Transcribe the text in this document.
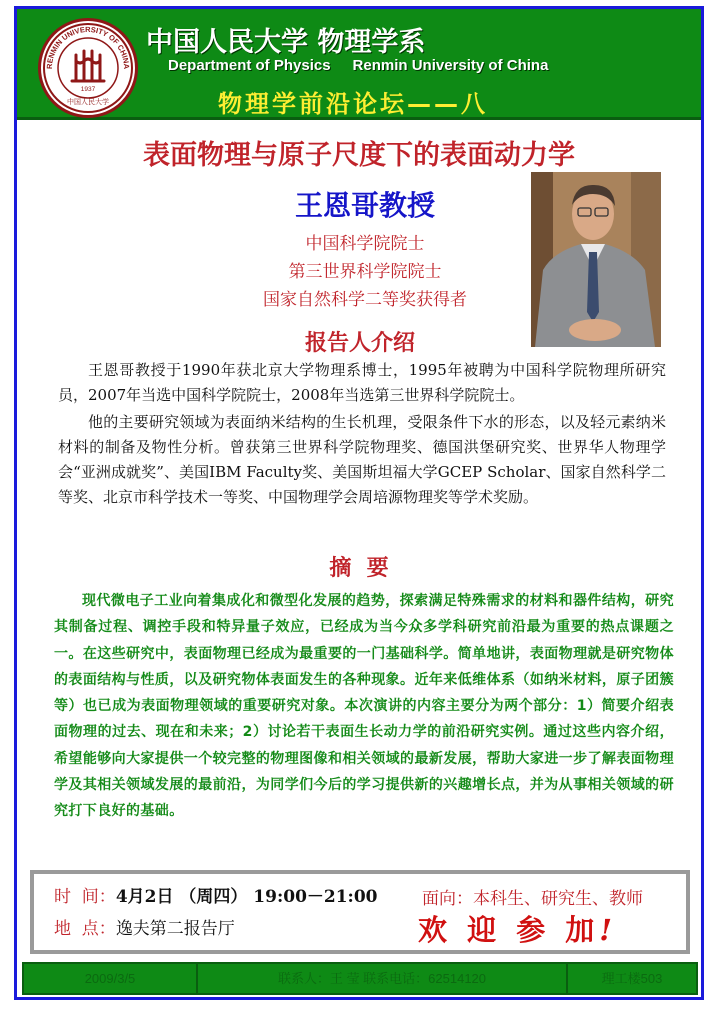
RENMIN UNIVERSITY OF CHINA
1937
中国人民大学
中国人民大学 物理学系
Department of Physics Renmin University of China
物理学前沿论坛——八
表面物理与原子尺度下的表面动力学
王恩哥教授
中国科学院院士
第三世界科学院院士
国家自然科学二等奖获得者
报告人介绍
王恩哥教授于1990年获北京大学物理系博士，1995年被聘为中国科学院物理所研究员，2007年当选中国科学院院士，2008年当选第三世界科学院院士。
他的主要研究领域为表面纳米结构的生长机理，受限条件下水的形态，以及轻元素纳米材料的制备及物性分析。曾获第三世界科学院物理奖、德国洪堡研究奖、世界华人物理学会“亚洲成就奖”、美国IBM Faculty奖、美国斯坦福大学GCEP Scholar、国家自然科学二等奖、北京市科学技术一等奖、中国物理学会周培源物理奖等学术奖励。
摘  要
现代微电子工业向着集成化和微型化发展的趋势，探索满足特殊需求的材料和器件结构，研究其制备过程、调控手段和特异量子效应，已经成为当今众多学科研究前沿最为重要的热点课题之一。在这些研究中，表面物理已经成为最重要的一门基础科学。简单地讲，表面物理就是研究物体的表面结构与性质，以及研究物体表面发生的各种现象。近年来低维体系（如纳米材料，原子团簇等）也已成为表面物理领域的重要研究对象。本次演讲的内容主要分为两个部分：1）简要介绍表面物理的过去、现在和未来；2）讨论若干表面生长动力学的前沿研究实例。通过这些内容介绍，希望能够向大家提供一个较完整的物理图像和相关领域的最新发展，帮助大家进一步了解表面物理学及其相关领域发展的最前沿，为同学们今后的学习提供新的兴趣增长点，并为从事相关领域的研究打下良好的基础。
时  间：4月2日 （周四） 19:00－21:00
地  点：逸夫第二报告厅
面向：本科生、研究生、教师
欢 迎 参 加!
2009/3/5	联系人：王 莹 联系电话：62514120	理工楼503
